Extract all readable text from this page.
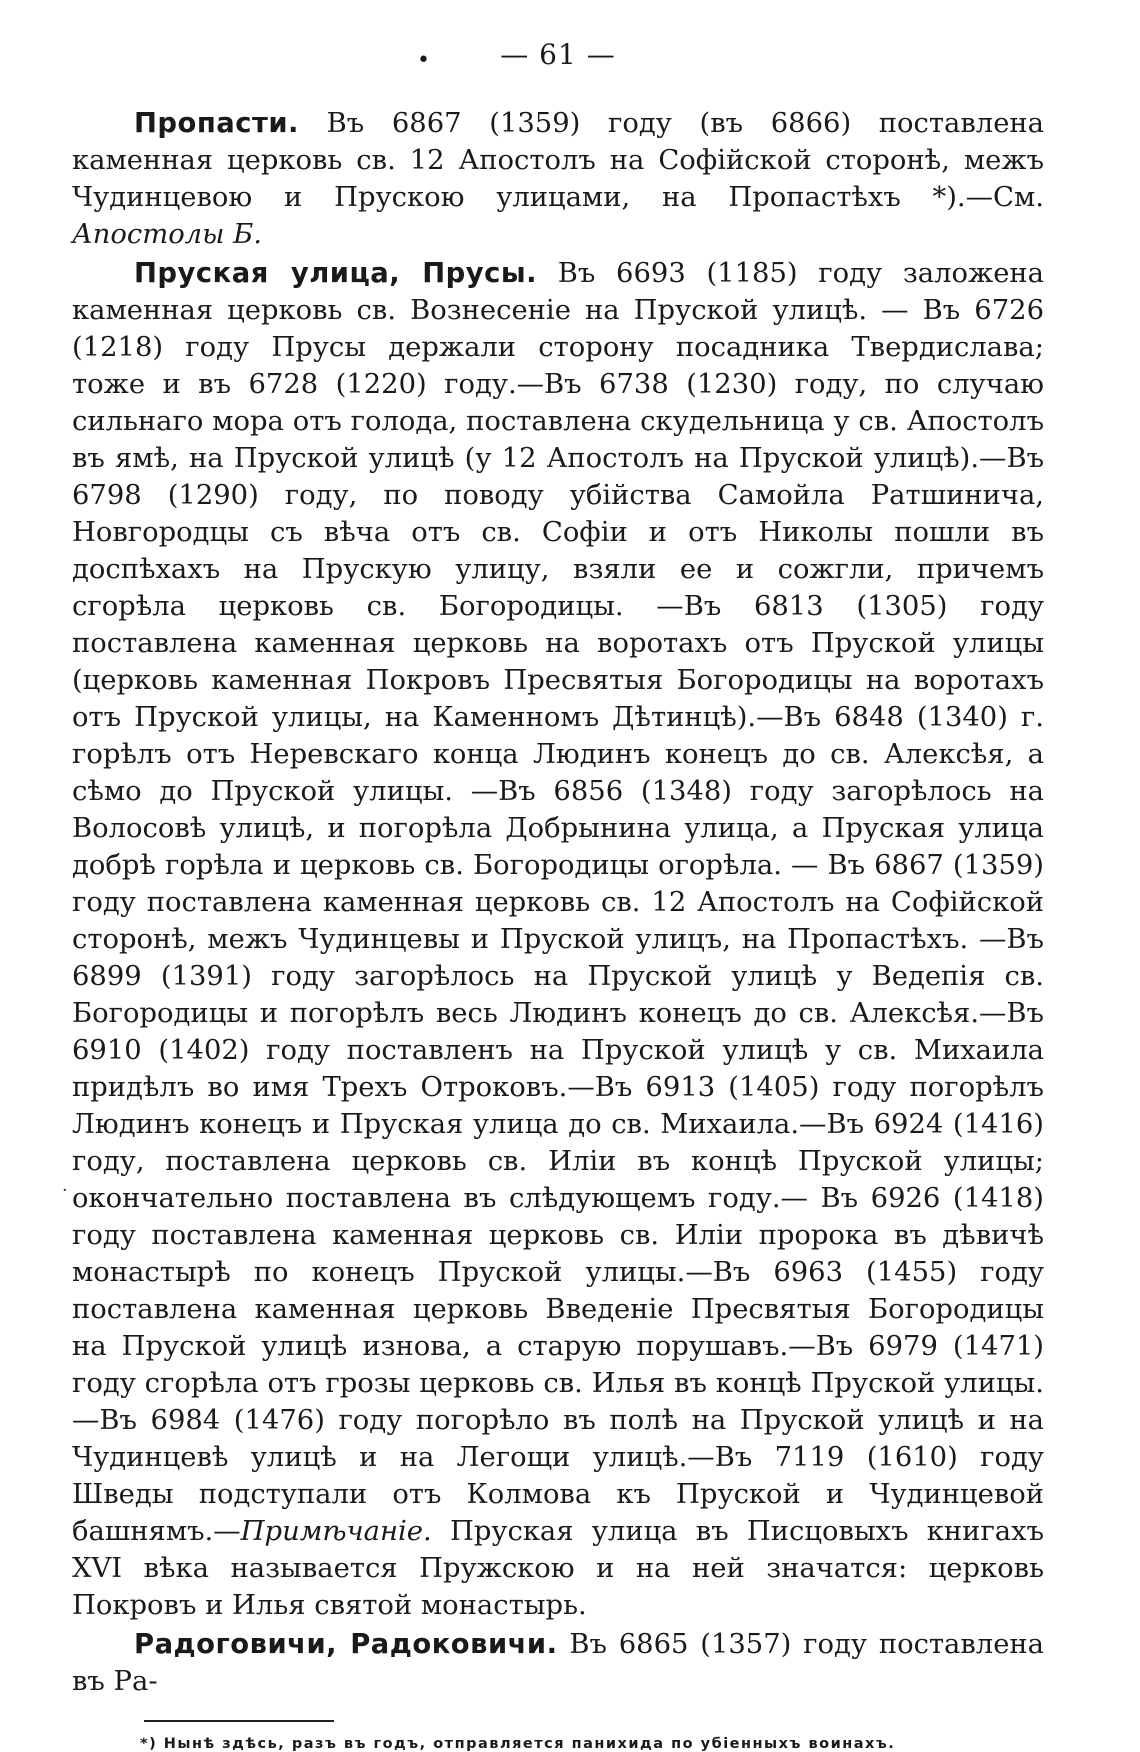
• — 61 —

Пропасти. Въ 6867 (1359) году (въ 6866) поставлена каменная церковь св. 12 Апостолъ на Софійской сторонѣ, межъ Чудинцевою и Прускою улицами, на Пропастѣхъ *).—См. Апостолы Б.

Пруская улица, Прусы. Въ 6693 (1185) году заложена каменная церковь св. Вознесеніе на Пруской улицѣ. — Въ 6726 (1218) году Прусы держали сторону посадника Твердислава; тоже и въ 6728 (1220) году.—Въ 6738 (1230) году, по случаю сильнаго мора отъ голода, поставлена скудельница у св. Апостолъ въ ямѣ, на Пруской улицѣ (у 12 Апостолъ на Пруской улицѣ).—Въ 6798 (1290) году, по поводу убійства Самойла Ратшинича, Новгородцы съ вѣча отъ св. Софіи и отъ Николы пошли въ доспѣхахъ на Прускую улицу, взяли ее и сожгли, причемъ сгорѣла церковь св. Богородицы. —Въ 6813 (1305) году поставлена каменная церковь на воротахъ отъ Пруской улицы (церковь каменная Покровъ Пресвятыя Богородицы на воротахъ отъ Пруской улицы, на Каменномъ Дѣтинцѣ).—Въ 6848 (1340) г. горѣлъ отъ Неревскаго конца Людинъ конецъ до св. Алексѣя, а сѣмо до Пруской улицы. —Въ 6856 (1348) году загорѣлось на Волосовѣ улицѣ, и погорѣла Добрынина улица, а Пруская улица добрѣ горѣла и церковь св. Богородицы огорѣла. — Въ 6867 (1359) году поставлена каменная церковь св. 12 Апостолъ на Софійской сторонѣ, межъ Чудинцевы и Пруской улицъ, на Пропастѣхъ. —Въ 6899 (1391) году загорѣлось на Пруской улицѣ у Ведепія св. Богородицы и погорѣлъ весь Людинъ конецъ до св. Алексѣя.—Въ 6910 (1402) году поставленъ на Пруской улицѣ у св. Михаила придѣлъ во имя Трехъ Отроковъ.—Въ 6913 (1405) году погорѣлъ Людинъ конецъ и Пруская улица до св. Михаила.—Въ 6924 (1416) году, поставлена церковь св. Иліи въ концѣ Пруской улицы; окончательно поставлена въ слѣдующемъ году.— Въ 6926 (1418) году поставлена каменная церковь св. Иліи пророка въ дѣвичѣ монастырѣ по конецъ Пруской улицы.—Въ 6963 (1455) году поставлена каменная церковь Введеніе Пресвятыя Богородицы на Пруской улицѣ изнова, а старую порушавъ.—Въ 6979 (1471) году сгорѣла отъ грозы церковь св. Илья въ концѣ Пруской улицы.—Въ 6984 (1476) году погорѣло въ полѣ на Пруской улицѣ и на Чудинцевѣ улицѣ и на Легощи улицѣ.—Въ 7119 (1610) году Шведы подступали отъ Колмова къ Пруской и Чудинцевой башнямъ.—Примѣчаніе. Пруская улица въ Писцовыхъ книгахъ XVI вѣка называется Пружскою и на ней значатся: церковь Покровъ и Илья святой монастырь.

Радоговичи, Радоковичи. Въ 6865 (1357) году поставлена въ Ра-

*) Нынѣ здѣсь, разъ въ годъ, отправляется панихида по убіенныхъ воинахъ.
·
